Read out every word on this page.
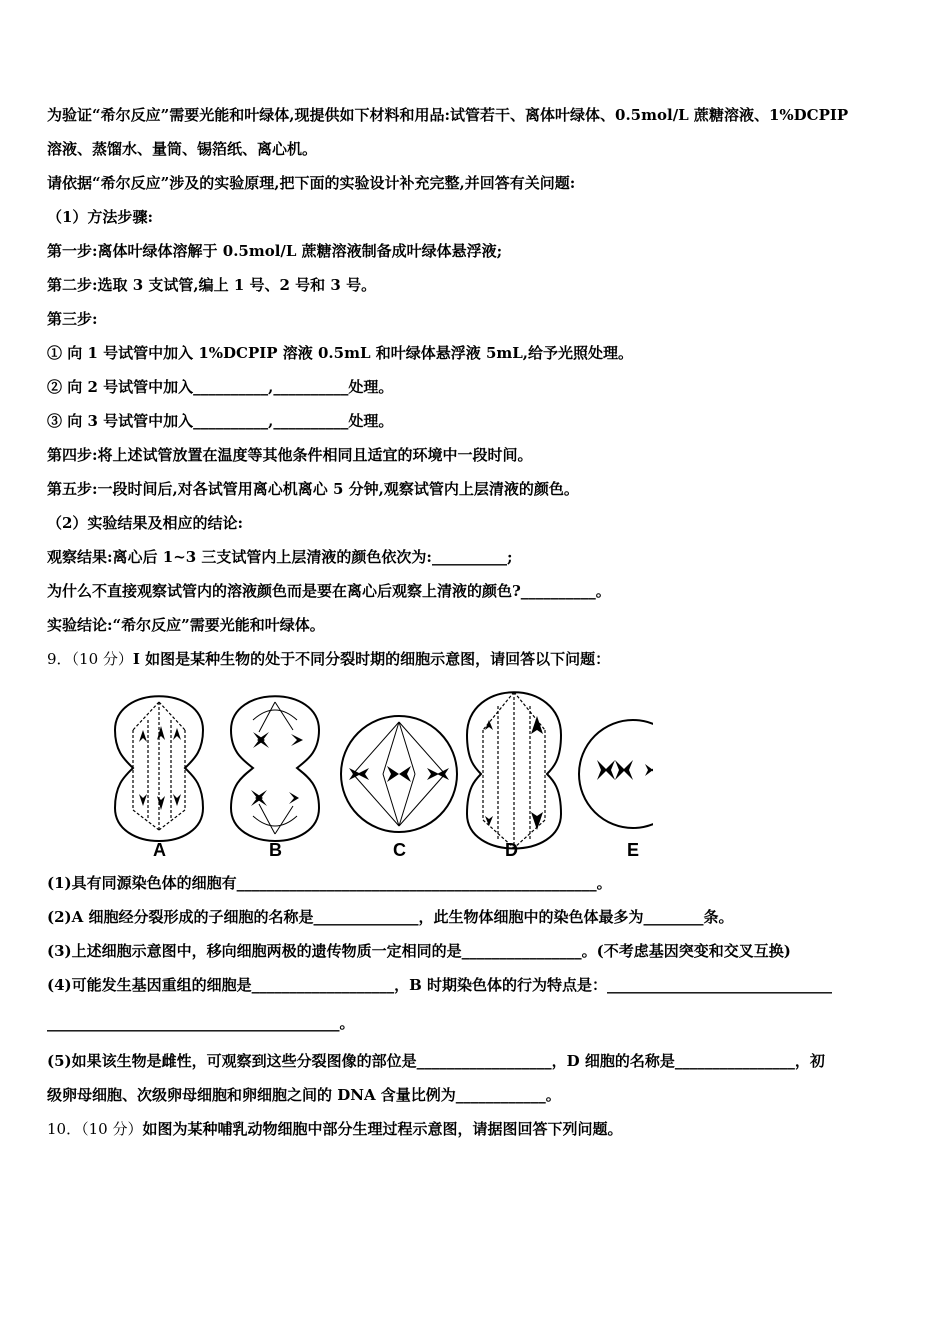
为验证“希尔反应”需要光能和叶绿体,现提供如下材料和用品:试管若干、离体叶绿体、0.5mol/L 蔗糖溶液、1%DCPIP
溶液、蒸馏水、量筒、锡箔纸、离心机。
请依据“希尔反应”涉及的实验原理,把下面的实验设计补充完整,并回答有关问题:
（1）方法步骤:
第一步:离体叶绿体溶解于 0.5mol/L 蔗糖溶液制备成叶绿体悬浮液;
第二步:选取 3 支试管,编上 1 号、2 号和 3 号。
第三步:
① 向 1 号试管中加入 1%DCPIP 溶液 0.5mL 和叶绿体悬浮液 5mL,给予光照处理。
② 向 2 号试管中加入__________,__________处理。
③ 向 3 号试管中加入__________,__________处理。
第四步:将上述试管放置在温度等其他条件相同且适宜的环境中一段时间。
第五步:一段时间后,对各试管用离心机离心 5 分钟,观察试管内上层清液的颜色。
（2）实验结果及相应的结论:
观察结果:离心后 1~3 三支试管内上层清液的颜色依次为:__________;
为什么不直接观察试管内的溶液颜色而是要在离心后观察上清液的颜色?__________。
实验结论:“希尔反应”需要光能和叶绿体。
9．（10 分）I 如图是某种生物的处于不同分裂时期的细胞示意图，请回答以下问题：
A	B	C	D	E
(1)具有同源染色体的细胞有________________________________________________。
(2)A 细胞经分裂形成的子细胞的名称是______________，此生物体细胞中的染色体最多为________条。
(3)上述细胞示意图中，移向细胞两极的遗传物质一定相同的是________________。(不考虑基因突变和交叉互换)
(4)可能发生基因重组的细胞是___________________，B 时期染色体的行为特点是：______________________________
_______________________________________。
(5)如果该生物是雌性，可观察到这些分裂图像的部位是__________________，D 细胞的名称是________________，初
级卵母细胞、次级卵母细胞和卵细胞之间的 DNA 含量比例为____________。
10．（10 分）如图为某种哺乳动物细胞中部分生理过程示意图，请据图回答下列问题。
